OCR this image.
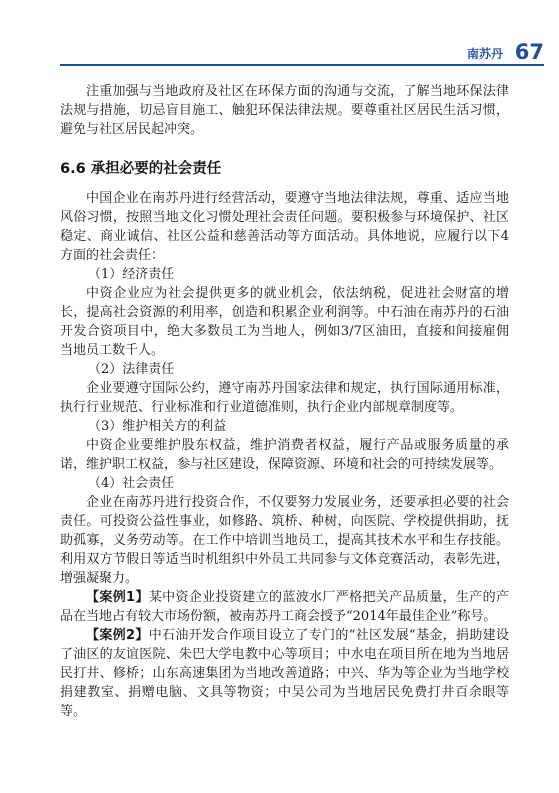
南苏丹 67

注重加强与当地政府及社区在环保方面的沟通与交流，了解当地环保法律法规与措施，切忌盲目施工、触犯环保法律法规。要尊重社区居民生活习惯，避免与社区居民起冲突。

6.6 承担必要的社会责任

中国企业在南苏丹进行经营活动，要遵守当地法律法规，尊重、适应当地风俗习惯，按照当地文化习惯处理社会责任问题。要积极参与环境保护、社区稳定、商业诚信、社区公益和慈善活动等方面活动。具体地说，应履行以下4方面的社会责任：

（1）经济责任

中资企业应为社会提供更多的就业机会，依法纳税，促进社会财富的增长，提高社会资源的利用率，创造和积累企业利润等。中石油在南苏丹的石油开发合资项目中，绝大多数员工为当地人，例如3/7区油田，直接和间接雇佣当地员工数千人。

（2）法律责任

企业要遵守国际公约，遵守南苏丹国家法律和规定，执行国际通用标准，执行行业规范、行业标准和行业道德准则，执行企业内部规章制度等。

（3）维护相关方的利益

中资企业要维护股东权益，维护消费者权益，履行产品或服务质量的承诺，维护职工权益，参与社区建设，保障资源、环境和社会的可持续发展等。

（4）社会责任

企业在南苏丹进行投资合作，不仅要努力发展业务，还要承担必要的社会责任。可投资公益性事业，如修路、筑桥、种树，向医院、学校提供捐助，抚助孤寡，义务劳动等。在工作中培训当地员工，提高其技术水平和生存技能。利用双方节假日等适当时机组织中外员工共同参与文体竞赛活动，表彰先进，增强凝聚力。

【案例1】某中资企业投资建立的蓝波水厂严格把关产品质量，生产的产品在当地占有较大市场份额，被南苏丹工商会授予“2014年最佳企业”称号。

【案例2】中石油开发合作项目设立了专门的“社区发展”基金，捐助建设了油区的友谊医院、朱巴大学电教中心等项目；中水电在项目所在地为当地居民打井、修桥；山东高速集团为当地改善道路；中兴、华为等企业为当地学校捐建教室、捐赠电脑、文具等物资；中吴公司为当地居民免费打井百余眼等等。
